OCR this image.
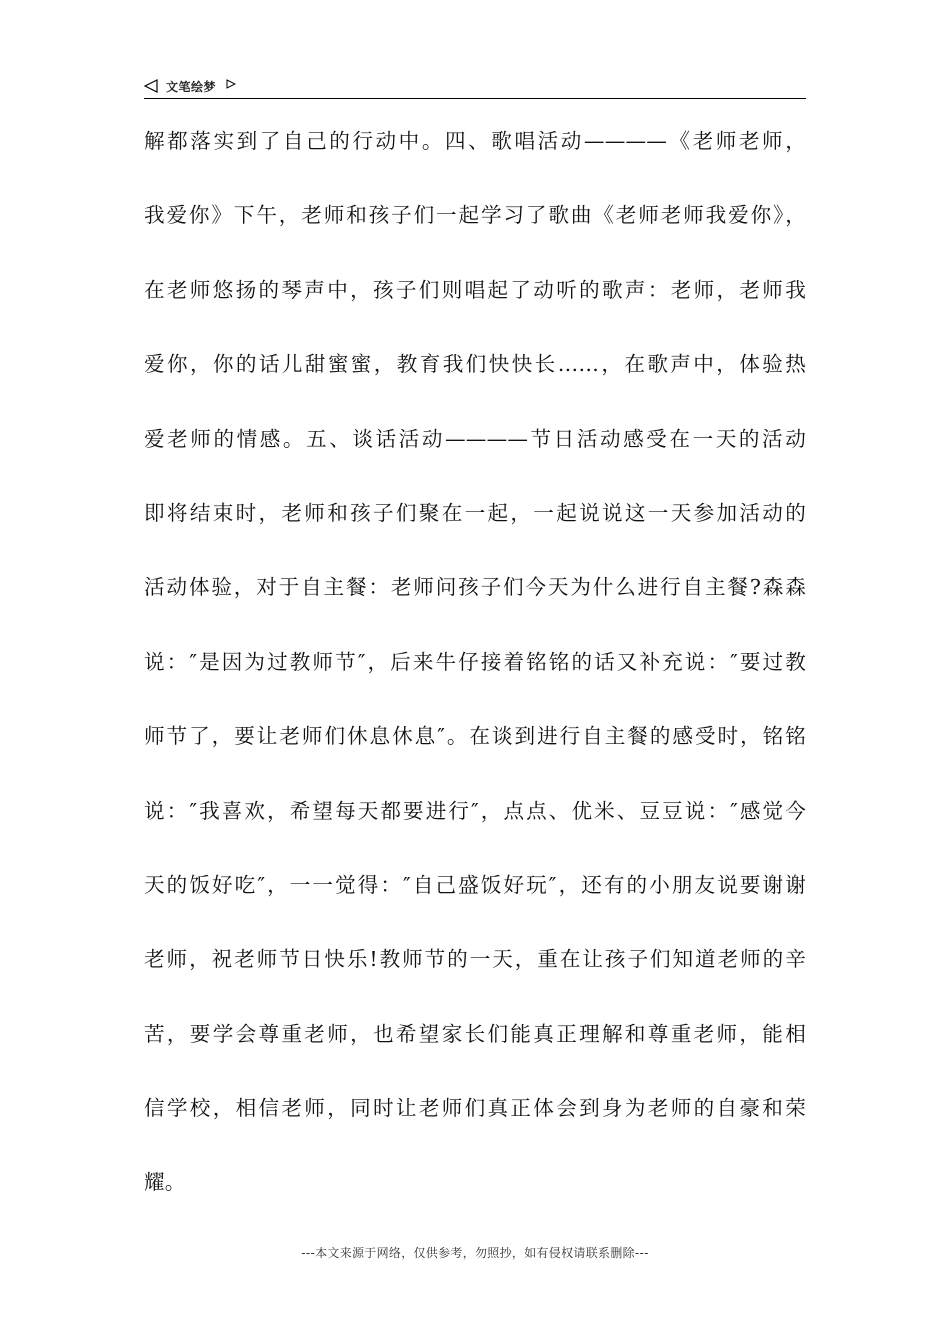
文笔绘梦
解都落实到了自己的行动中。四、歌唱活动————《老师老师，
我爱你》下午，老师和孩子们一起学习了歌曲《老师老师我爱你》，
在老师悠扬的琴声中，孩子们则唱起了动听的歌声：老师，老师我
爱你，你的话儿甜蜜蜜，教育我们快快长……，在歌声中，体验热
爱老师的情感。五、谈话活动————节日活动感受在一天的活动
即将结束时，老师和孩子们聚在一起，一起说说这一天参加活动的
活动体验，对于自主餐：老师问孩子们今天为什么进行自主餐?森森
说：″是因为过教师节″，后来牛仔接着铭铭的话又补充说：″要过教
师节了，要让老师们休息休息″。在谈到进行自主餐的感受时，铭铭
说：″我喜欢，希望每天都要进行″，点点、优米、豆豆说：″感觉今
天的饭好吃″，一一觉得：″自己盛饭好玩″，还有的小朋友说要谢谢
老师，祝老师节日快乐!教师节的一天，重在让孩子们知道老师的辛
苦，要学会尊重老师，也希望家长们能真正理解和尊重老师，能相
信学校，相信老师，同时让老师们真正体会到身为老师的自豪和荣
耀。
---本文来源于网络，仅供参考，勿照抄，如有侵权请联系删除---
